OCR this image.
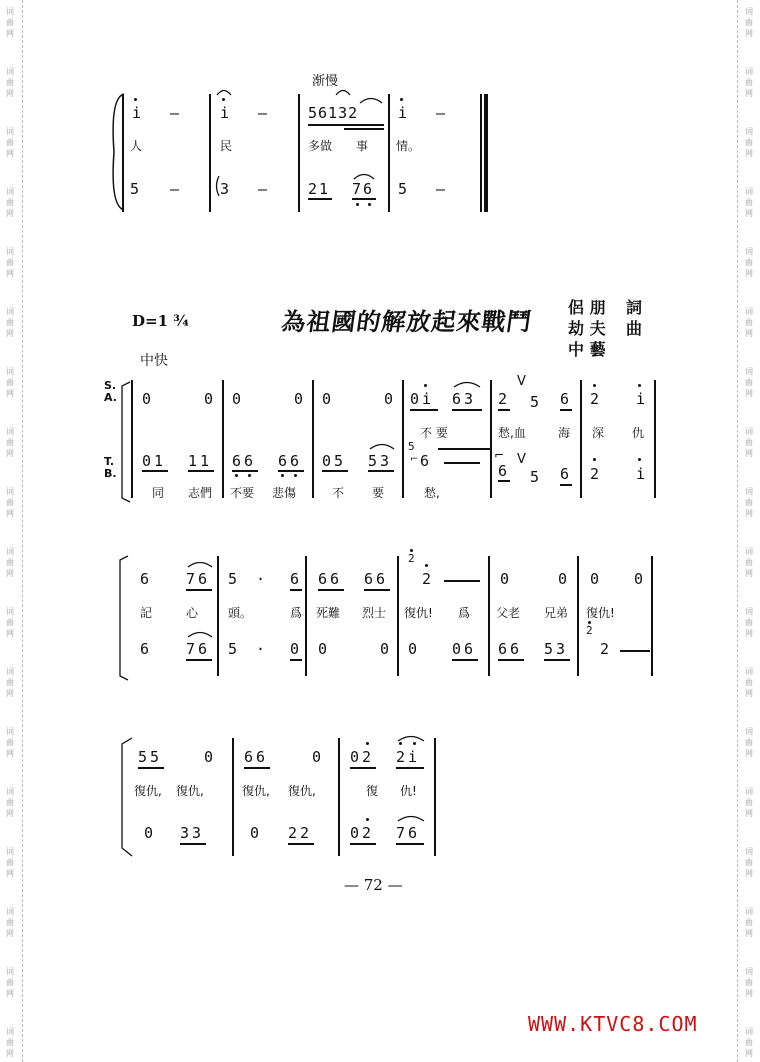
词
曲
网
词
曲
网
词
曲
网
词
曲
网
词
曲
网
词
曲
网
词
曲
网
词
曲
网
词
曲
网
词
曲
网
词
曲
网
词
曲
网
词
曲
网
词
曲
网
词
曲
网
词
曲
网
词
曲
网
词
曲
网
词
曲
网
词
曲
网
词
曲
网
词
曲
网
词
曲
网
词
曲
网
词
曲
网
词
曲
网
词
曲
网
词
曲
网
词
曲
网
词
曲
网
词
曲
网
词
曲
网
词
曲
网
词
曲
网
词
曲
网
词
曲
网
渐慢
i —	i —	56132	i —
人	民	多做 事 情。
5 —	3 —	21 76 5 —
D=1 ¾	為祖國的解放起來戰鬥 侶 朋 詞
劫 夫 曲
中 藝
中快
S.
A.
T.
B.
0	0 0	0 0	0 0i 63 2
V
5 6 2 i
不 要	愁,血	海 深 仇
01 11 66 66 05 53
5
⌐ 6	⌐
6
V
5 6 2 i
同 志們 不要 悲傷	不 要	愁,
6 76 5 · 6 66 66
2
2	0	0 0 0
記	心 頭。	爲 死難 烈士 復仇! 爲 父老 兄弟 復仇!
6 76 5 · 0 0	0 0 06 66 53
2
2
55	0 66	0 02 2i
復仇, 復仇,	復仇, 復仇,	復 仇!
0 33	0 22	02 76
— 72 —
WWW.KTVC8.COM
